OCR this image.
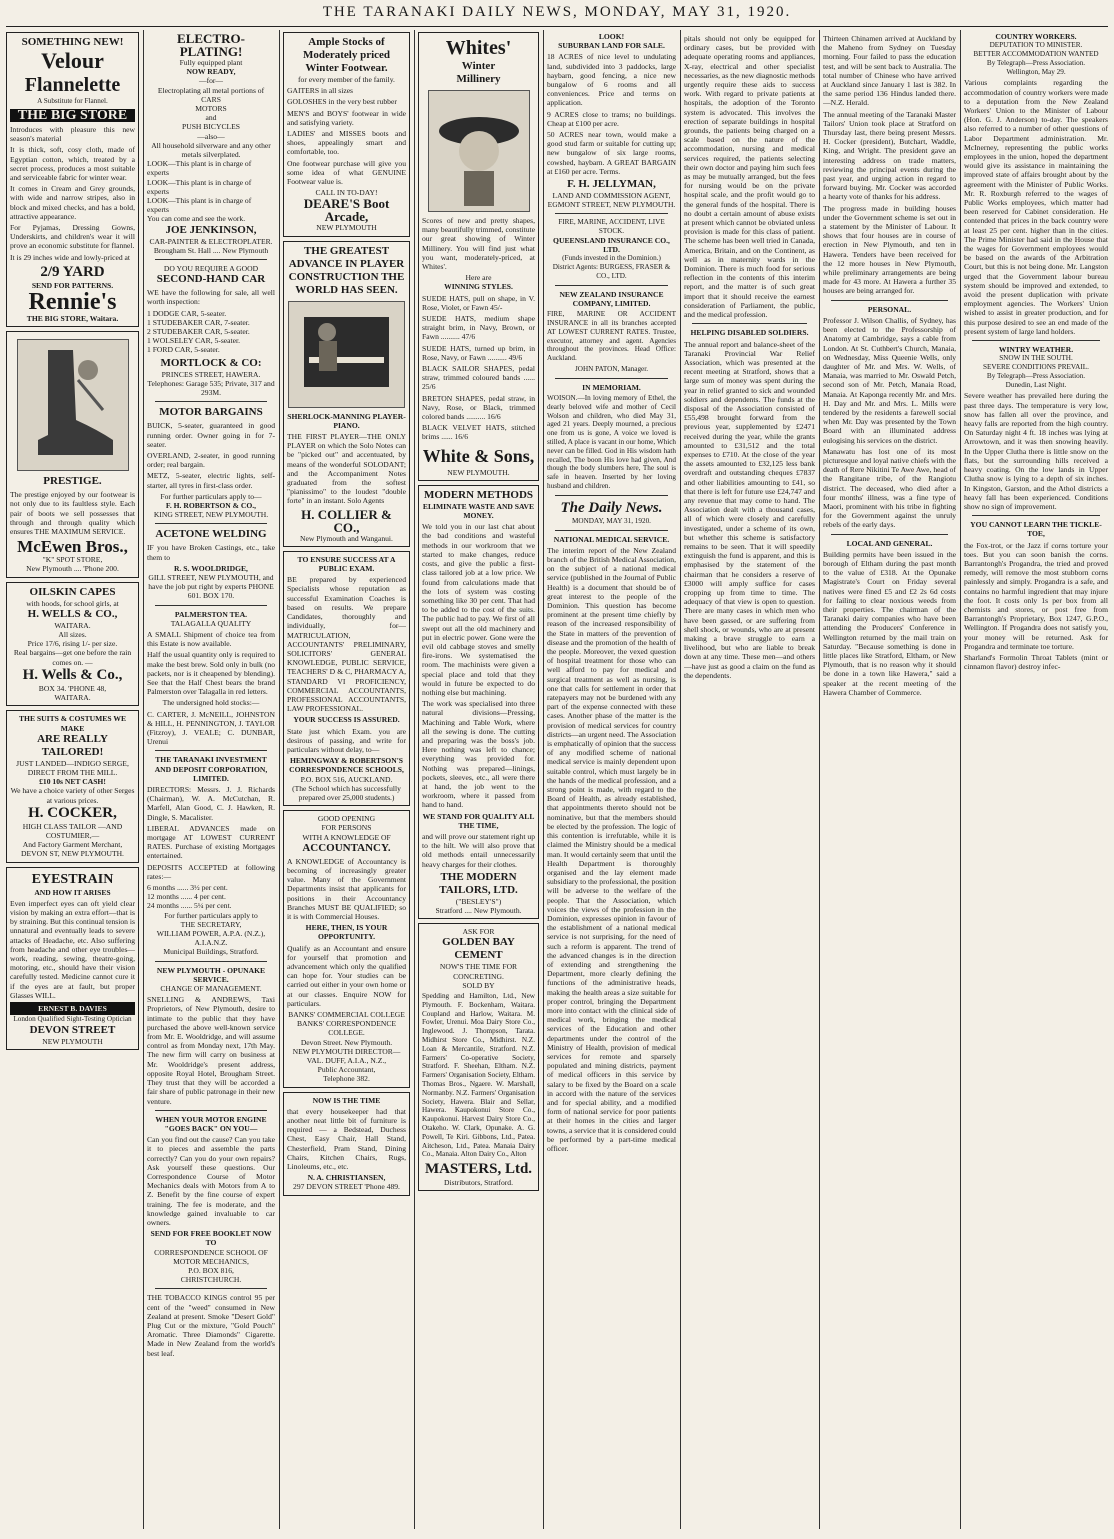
THE TARANAKI DAILY NEWS, MONDAY, MAY 31, 1920.
SOMETHING NEW!
Velour
Flannelette
A Substitute for Flannel.
THE BIG STORE
Introduces with pleasure this new season's material
It is thick, soft, cosy cloth, made of Egyptian cotton, which, treated by a secret process, produces a most suitable and serviceable fabric for winter wear.
It comes in Cream and Grey grounds, with wide and narrow stripes, also in block and mixed checks, and has a bold, attractive appearance.
For Pyjamas, Dressing Gowns, Underskirts, and children's wear it will prove an economic substitute for flannel.
It is 29 inches wide and lowly-priced at
2/9 YARD
SEND FOR PATTERNS.
Rennie's
THE BIG STORE, Waitara.
PRESTIGE.
The prestige enjoyed by our footwear is not only due to its faultless style. Each pair of boots we sell possesses that through and through quality which ensures THE MAXIMUM SERVICE.
McEwen Bros.,
"K" SPOT STORE,
New Plymouth .... 'Phone 200.
OILSKIN CAPES
with hoods, for school girls, at
H. WELLS & CO.,
WAITARA.
All sizes.
Price 17/6, rising 1/- per size.
Real bargains—get one before the rain comes on. —
H. Wells & Co.,
BOX 34. 'PHONE 48,
WAITARA.
THE SUITS & COSTUMES WE MAKE
ARE REALLY TAILORED!
JUST LANDED—INDIGO SERGE, DIRECT FROM THE MILL.
£10 10s NET CASH!
We have a choice variety of other Serges at various prices.
H. COCKER,
HIGH CLASS TAILOR —AND COSTUMIER,—
And Factory Garment Merchant, DEVON ST, NEW PLYMOUTH.
EYESTRAIN
AND HOW IT ARISES
Even imperfect eyes can oft yield clear vision by making an extra effort—that is by straining. But this continual tension is unnatural and eventually leads to severe attacks of Headache, etc. Also suffering from headache and other eye troubles—work, reading, sewing, theatre-going, motoring, etc., should have their vision carefully tested. Medicine cannot cure it if the eyes are at fault, but proper Glasses WILL.
ERNEST B. DAVIES
London Qualified Sight-Testing Optician
DEVON STREET
NEW PLYMOUTH
ELECTRO-PLATING!
Fully equipped plant
NOW READY,
—for—
Electroplating all metal portions of
CARS
MOTORS
and
PUSH BICYCLES
—also—
All household silverware and any other metals silverplated.
LOOK—This plant is in charge of experts
LOOK—This plant is in charge of experts
LOOK—This plant is in charge of experts
You can come and see the work.
JOE JENKINSON,
CAR-PAINTER & ELECTROPLATER.
Brougham St. Hall .... New Plymouth
DO YOU REQUIRE A GOOD
SECOND-HAND CAR
WE have the following for sale, all well worth inspection:
1 DODGE CAR, 5-seater.
1 STUDEBAKER CAR, 7-seater.
2 STUDEBAKER CAR, 5-seater.
1 WOLSELEY CAR, 5-seater.
1 FORD CAR, 5-seater.
MORTLOCK & CO:
PRINCES STREET, HAWERA.
Telephones: Garage 535; Private, 317 and 293M.
MOTOR BARGAINS
BUICK, 5-seater, guaranteed in good running order. Owner going in for 7-seater.
OVERLAND, 2-seater, in good running order; real bargain.
METZ, 5-seater, electric lights, self-starter, all tyres in first-class order.
For further particulars apply to—
F. H. ROBERTSON & CO.,
KING STREET, NEW PLYMOUTH.
ACETONE WELDING
IF you have Broken Castings, etc., take them to
R. S. WOOLDRIDGE,
GILL STREET, NEW PLYMOUTH, and have the job put right by experts PHONE 601. BOX 170.
PALMERSTON TEA.
TALAGALLA QUALITY
A SMALL Shipment of choice tea from this Estate is now available.
Half the usual quantity only is required to make the best brew. Sold only in bulk (no packets, nor is it cheapened by blending). See that the Half Chest bears the brand Palmerston over Talagalla in red letters.
The undersigned hold stocks:—
C. CARTER, J. McNEILL, JOHNSTON & HILL, H. PENNINGTON, J. TAYLOR (Fitzroy), J. VEALE; C. DUNBAR, Urenui
THE TARANAKI INVESTMENT AND DEPOSIT CORPORATION, LIMITED.
DIRECTORS: Messrs. J. J. Richards (Chairman), W. A. McCutchan, R. Marfell, Alan Good, C. J. Hawken, R. Dingle, S. Macalister.
LIBERAL ADVANCES made on mortgage AT LOWEST CURRENT RATES. Purchase of existing Mortgages entertained.
DEPOSITS ACCEPTED at following rates:—
6 months ...... 3½ per cent.
12 months ...... 4 per cent.
24 months ...... 5¼ per cent.
For further particulars apply to
THE SECRETARY,
WILLIAM POWER, A.P.A. (N.Z.), A.I.A.N.Z.
Municipal Buildings, Stratford.
NEW PLYMOUTH - OPUNAKE SERVICE.
CHANGE OF MANAGEMENT.
SNELLING & ANDREWS, Taxi Proprietors, of New Plymouth, desire to intimate to the public that they have purchased the above well-known service from Mr. E. Wooldridge, and will assume control as from Monday next, 17th May. The new firm will carry on business at Mr. Wooldridge's present address, opposite Royal Hotel, Brougham Street. They trust that they will be accorded a fair share of public patronage in their new venture.
WHEN YOUR MOTOR ENGINE "GOES BACK" ON YOU—
Can you find out the cause? Can you take it to pieces and assemble the parts correctly? Can you do your own repairs? Ask yourself these questions. Our Correspondence Course of Motor Mechanics deals with Motors from A to Z. Benefit by the fine course of expert training. The fee is moderate, and the knowledge gained invaluable to car owners.
SEND FOR FREE BOOKLET NOW TO
CORRESPONDENCE SCHOOL OF MOTOR MECHANICS,
P.O. BOX 816,
CHRISTCHURCH.
THE TOBACCO KINGS control 95 per cent of the "weed" consumed in New Zealand at present. Smoke "Desert Gold" Plug Cut or the mixture, "Gold Pouch" Aromatic. Three Diamonds" Cigarette. Made in New Zealand from the world's best leaf.
Ample Stocks of Moderately priced Winter Footwear.
for every member of the family.
GAITERS in all sizes
GOLOSHES in the very best rubber
MEN'S and BOYS' footwear in wide and satisfying variety.
LADIES' and MISSES boots and shoes, appealingly smart and comfortable, too.
One footwear purchase will give you some idea of what GENUINE Footwear value is.
CALL IN TO-DAY!
DEARE'S Boot Arcade,
NEW PLYMOUTH
THE GREATEST ADVANCE IN PLAYER CONSTRUCTION THE WORLD HAS SEEN.
SHERLOCK-MANNING PLAYER-PIANO.
THE FIRST PLAYER—THE ONLY PLAYER on which the Solo Notes can be "picked out" and accentuated, by means of the wonderful SOLODANT; and the Accompaniment Notes graduated from the softest "pianissimo" to the loudest "double forte" in an instant. Solo Agents
H. COLLIER & CO.,
New Plymouth and Wanganui.
TO ENSURE SUCCESS AT A PUBLIC EXAM.
BE prepared by experienced Specialists whose reputation as successful Examination Coaches is based on results. We prepare Candidates, thoroughly and individually, for—MATRICULATION, ACCOUNTANTS' PRELIMINARY, SOLICITORS' GENERAL KNOWLEDGE, PUBLIC SERVICE, TEACHERS' D & C, PHARMACY A, STANDARD VI PROFICIENCY, COMMERCIAL ACCOUNTANTS, PROFESSIONAL ACCOUNTANTS, LAW PROFESSIONAL.
YOUR SUCCESS IS ASSURED.
State just which Exam. you are desirous of passing, and write for particulars without delay, to—
HEMINGWAY & ROBERTSON'S CORRESPONDENCE SCHOOLS,
P.O. BOX 516, AUCKLAND.
(The School which has successfully prepared over 25,000 students.)
GOOD OPENING
FOR PERSONS
WITH A KNOWLEDGE OF
ACCOUNTANCY.
A KNOWLEDGE of Accountancy is becoming of increasingly greater value. Many of the Government Departments insist that applicants for positions in their Accountancy Branches MUST BE QUALIFIED; so it is with Commercial Houses.
HERE, THEN, IS YOUR OPPORTUNITY.
Qualify as an Accountant and ensure for yourself that promotion and advancement which only the qualified can hope for. Your studies can be carried out either in your own home or at our classes. Enquire NOW for particulars.
BANKS' COMMERCIAL COLLEGE BANKS' CORRESPONDENCE COLLEGE.
Devon Street. New Plymouth.
NEW PLYMOUTH DIRECTOR—
VAL. DUFF, A.I.A., N.Z.,
Public Accountant,
Telephone 382.
NOW IS THE TIME
that every housekeeper had that another neat little bit of furniture is required — a Bedstead, Duchess Chest, Easy Chair, Hall Stand, Chesterfield, Pram Stand, Dining Chairs, Kitchen Chairs, Rugs, Linoleums, etc., etc.
N. A. CHRISTIANSEN,
297 DEVON STREET 'Phone 489.
Whites'
Winter
Millinery
Scores of new and pretty shapes, many beautifully trimmed, constitute our great showing of Winter Millinery. You will find just what you want, moderately-priced, at Whites'.
Here are
WINNING STYLES.
SUEDE HATS, pull on shape, in V. Rose, Violet, or Fawn 45/-
SUEDE HATS, medium shape straight brim, in Navy, Brown, or Fawn .......... 47/6
SUEDE HATS, turned up brim, in Rose, Navy, or Fawn .......... 49/6
BLACK SAILOR SHAPES, pedal straw, trimmed coloured bands ...... 25/6
BRETON SHAPES, pedal straw, in Navy, Rose, or Black, trimmed colored bands .......... 16/6
BLACK VELVET HATS, stitched brims ...... 16/6
White & Sons,
NEW PLYMOUTH.
MODERN METHODS
ELIMINATE WASTE AND SAVE MONEY.
We told you in our last chat about the bad conditions and wasteful methods in our workroom that we started to make changes, reduce costs, and give the public a first-class tailored job at a low price. We found from calculations made that the lots of system was costing something like 30 per cent. That had to be added to the cost of the suits. The public had to pay. We first of all swept out all the old machinery and put in electric power. Gone were the evil old cabbage stoves and smelly fire-irons. We systematised the room. The machinists were given a special place and told that they would in future be expected to do nothing else but machining.
The work was specialised into three natural divisions—Pressing, Machining and Table Work, where all the sewing is done. The cutting and preparing was the boss's job. Here nothing was left to chance; everything was provided for. Nothing was prepared—linings, pockets, sleeves, etc., all were there at hand, the job went to the workroom, where it passed from hand to hand.
WE STAND FOR QUALITY ALL THE TIME,
and will prove our statement right up to the hilt. We will also prove that old methods entail unnecessarily heavy charges for their clothes.
THE MODERN TAILORS, LTD.
("BESLEY'S")
Stratford .... New Plymouth.
ASK FOR
GOLDEN BAY CEMENT
NOW'S THE TIME FOR CONCRETING.
SOLD BY
Spedding and Hamilton, Ltd., New Plymouth. F. Bockenham, Waitara. Coupland and Harlow, Waitara. M. Fowler, Urenui. Moa Dairy Store Co., Inglewood. J. Thompson, Tarata. Midhirst Store Co., Midhirst. N.Z. Loan & Mercantile, Stratford. N.Z. Farmers' Co-operative Society, Stratford. F. Sheehan, Eltham. N.Z. Farmers' Organisation Society, Eltham. Thomas Bros., Ngaere. W. Marshall, Normanby. N.Z. Farmers' Organisation Society, Hawera. Blair and Sellar, Hawera. Kaupokonui Store Co., Kaupokonui. Harvest Dairy Store Co., Otakeho. W. Clark, Opunake. A. G. Powell, Te Kiri. Gibbons, Ltd., Patea. Aitcheson, Ltd., Patea. Manaia Dairy Co., Manaia. Alton Dairy Co., Alton
MASTERS, Ltd.
Distributors, Stratford.
LOOK!
SUBURBAN LAND FOR SALE.
18 ACRES of nice level to undulating land, subdivided into 3 paddocks, large haybarn, good fencing, a nice new bungalow of 6 rooms and all conveniences. Price and terms on application.
9 ACRES close to trams; no buildings. Cheap at £100 per acre.
50 ACRES near town, would make a good stud farm or suitable for cutting up; new bungalow of six large rooms, cowshed, haybarn. A GREAT BARGAIN at £160 per acre. Terms.
F. H. JELLYMAN,
LAND AND COMMISSION AGENT,
EGMONT STREET, NEW PLYMOUTH.
FIRE, MARINE, ACCIDENT, LIVE STOCK.
QUEENSLAND INSURANCE CO., LTD.
(Funds invested in the Dominion.)
District Agents: BURGESS, FRASER & CO., LTD.
NEW ZEALAND INSURANCE COMPANY, LIMITED.
FIRE, MARINE OR ACCIDENT INSURANCE in all its branches accepted AT LOWEST CURRENT RATES. Trustee, executor, attorney and agent. Agencies throughout the provinces. Head Office: Auckland.
JOHN PATON, Manager.
IN MEMORIAM.
WOISON.—In loving memory of Ethel, the dearly beloved wife and mother of Cecil Wolson and children, who died May 31, aged 21 years. Deeply mourned, a precious one from us is gone, A voice we loved is stilled, A place is vacant in our home, Which never can be filled. God in His wisdom hath recalled, The boon His love had given, And though the body slumbers here, The soul is safe in heaven. Inserted by her loving husband and children.
The Daily News.
MONDAY, MAY 31, 1920.
NATIONAL MEDICAL SERVICE.
The interim report of the New Zealand branch of the British Medical Association, on the subject of a national medical service (published in the Journal of Public Health) is a document that should be of great interest to the people of the Dominion. This question has become prominent at the present time chiefly by reason of the increased responsibility of the State in matters of the prevention of disease and the promotion of the health of the people. Moreover, the vexed question of hospital treatment for those who can well afford to pay for medical and surgical treatment as well as nursing, is one that calls for settlement in order that ratepayers may not be burdened with any part of the expense connected with these cases. Another phase of the matter is the provision of medical services for country districts—an urgent need. The Association is emphatically of opinion that the success of any modified scheme of national medical service is mainly dependent upon suitable control, which must largely be in the hands of the medical profession, and a strong point is made, with regard to the Board of Health, as already established, that appointments thereto should not be nominative, but that the members should be elected by the profession. The logic of this contention is irrefutable, while it is claimed the Ministry should be a medical man. It would certainly seem that until the Health Department is thoroughly organised and the lay element made subsidiary to the professional, the position will be adverse to the welfare of the people. That the Association, which voices the views of the profession in the Dominion, expresses opinion in favour of the establishment of a national medical service is not surprising, for the need of such a reform is apparent. The trend of the advanced changes is in the direction of extending and strengthening the Department, more clearly defining the functions of the administrative heads, making the health areas a size suitable for proper control, bringing the Department more into contact with the clinical side of medical work, bringing the medical services of the Education and other departments under the control of the Ministry of Health, provision of medical services for remote and sparsely populated and mining districts, payment of medical officers in this service by salary to be fixed by the Board on a scale in accord with the nature of the services and for special ability, and a modified form of national service for poor patients at their homes in the cities and larger towns, a service that it is considered could be performed by a part-time medical officer.
pitals should not only be equipped for ordinary cases, but be provided with adequate operating rooms and appliances, X-ray, electrical and other specialist necessaries, as the new diagnostic methods urgently require these aids to success work. With regard to private patients at hospitals, the adoption of the Toronto system is advocated. This involves the erection of separate buildings in hospital grounds, the patients being charged on a scale based on the nature of the accommodation, nursing and medical services required, the patients selecting their own doctor and paying him such fees as may be mutually arranged, but the fees for nursing would be on the private hospital scale, and the profit would go to the general funds of the hospital. There is no doubt a certain amount of abuse exists at present which cannot be obviated unless provision is made for this class of patient. The scheme has been well tried in Canada, America, Britain, and on the Continent, as well as in maternity wards in the Dominion. There is much food for serious reflection in the contents of this interim report, and the matter is of such great import that it should receive the earnest consideration of Parliament, the public, and the medical profession.
HELPING DISABLED SOLDIERS.
The annual report and balance-sheet of the Taranaki Provincial War Relief Association, which was presented at the recent meeting at Stratford, shows that a large sum of money was spent during the year in relief granted to sick and wounded soldiers and dependents. The funds at the disposal of the Association consisted of £55,498 brought forward from the previous year, supplemented by £2471 received during the year, while the grants amounted to £31,512 and the total expenses to £710. At the close of the year the assets amounted to £32,125 less bank overdraft and outstanding cheques £7837 and other liabilities amounting to £41, so that there is left for future use £24,747 and any revenue that may come to hand. The Association dealt with a thousand cases, all of which were closely and carefully investigated, under a scheme of its own, but whether this scheme is satisfactory remains to be seen. That it will speedily extinguish the fund is apparent, and this is emphasised by the statement of the chairman that he considers a reserve of £3000 will amply suffice for cases cropping up from time to time. The adequacy of that view is open to question. There are many cases in which men who have been gassed, or are suffering from shell shock, or wounds, who are at present making a brave struggle to earn a livelihood, but who are liable to break down at any time. These men—and others—have just as good a claim on the fund as the dependents.
Thirteen Chinamen arrived at Auckland by the Maheno from Sydney on Tuesday morning. Four failed to pass the education test, and will be sent back to Australia. The total number of Chinese who have arrived at Auckland since January 1 last is 382. In the same period 136 Hindus landed there.—N.Z. Herald.
The annual meeting of the Taranaki Master Tailors' Union took place at Stratford on Thursday last, there being present Messrs. H. Cocker (president), Butchart, Waddle, King, and Wright. The president gave an interesting address on trade matters, reviewing the principal events during the past year, and urging action in regard to forward buying. Mr. Cocker was accorded a hearty vote of thanks for his address.
The progress made in building houses under the Government scheme is set out in a statement by the Minister of Labour. It shows that four houses are in course of erection in New Plymouth, and ten in Hawera. Tenders have been received for the 12 more houses in New Plymouth, while preliminary arrangements are being made for 43 more. At Hawera a further 35 houses are being arranged for.
PERSONAL.
Professor J. Wilson Challis, of Sydney, has been elected to the Professorship of Anatomy at Cambridge, says a cable from London. At St. Cuthbert's Church, Manaia, on Wednesday, Miss Queenie Wells, only daughter of Mr. and Mrs. W. Wells, of Manaia, was married to Mr. Oswald Petch, second son of Mr. Petch, Manaia Road, Manaia. At Kaponga recently Mr. and Mrs. H. Day and Mr. and Mrs. L. Mills were tendered by the residents a farewell social when Mr. Day was presented by the Town Board with an illuminated address eulogising his services on the district.
Manawatu has lost one of its most picturesque and loyal native chiefs with the death of Rere Nikitini Te Awe Awe, head of the Rangitane tribe, of the Rangiotu district. The deceased, who died after a four months' illness, was a fine type of Maori, prominent with his tribe in fighting for the Government against the unruly rebels of the early days.
LOCAL AND GENERAL.
Building permits have been issued in the borough of Eltham during the past month to the value of £318. At the Opunake Magistrate's Court on Friday several natives were fined £5 and £2 2s 6d costs for failing to clear noxious weeds from their properties. The chairman of the Taranaki dairy companies who have been attending the Producers' Conference in Wellington returned by the mail train on Saturday. "Because something is done in little places like Stratford, Eltham, or New Plymouth, that is no reason why it should be done in a town like Hawera," said a speaker at the recent meeting of the Hawera Chamber of Commerce.
COUNTRY WORKERS.
DEPUTATION TO MINISTER.
BETTER ACCOMMODATION WANTED
By Telegraph—Press Association.
Wellington, May 29.
Various complaints regarding the accommodation of country workers were made to a deputation from the New Zealand Workers' Union to the Minister of Labour (Hon. G. J. Anderson) to-day. The speakers also referred to a number of other questions of Labor Department administration. Mr. McInerney, representing the public works employees in the union, hoped the department would give its assistance in maintaining the improved state of affairs brought about by the agreement with the Minister of Public Works. Mr. R. Roxburgh referred to the wages of Public Works employees, which matter had been reserved for Cabinet consideration. He contended that prices in the back country were at least 25 per cent. higher than in the cities. The Prime Minister had said in the House that the wages for Government employees would be based on the awards of the Arbitration Court, but this is not being done. Mr. Langston urged that the Government labour bureau system should be improved and extended, to avoid the present duplication with private employment agencies. The Workers' Union wished to assist in greater production, and for this purpose desired to see an end made of the present system of large land holders.
WINTRY WEATHER.
SNOW IN THE SOUTH.
SEVERE CONDITIONS PREVAIL.
By Telegraph—Press Association.
Dunedin, Last Night.
Severe weather has prevailed here during the past three days. The temperature is very low, snow has fallen all over the province, and heavy falls are reported from the high country. On Saturday night 4 ft. 18 inches was lying at Arrowtown, and it was then snowing heavily. In the Upper Clutha there is little snow on the flats, but the surrounding hills received a heavy coating. On the low lands in Upper Clutha snow is lying to a depth of six inches. In Kingston, Garston, and the Athol districts a heavy fall has been experienced. Conditions show no sign of improvement.
YOU CANNOT LEARN THE TICKLE-TOE,
the Fox-trot, or the Jazz if corns torture your toes. But you can soon banish the corns. Barrantongh's Progandra, the tried and proved remedy, will remove the most stubborn corns painlessly and simply. Progandra is a safe, and contains no harmful ingredient that may injure the foot. It costs only 1s per box from all chemists and stores, or post free from Barrantongh's Proprietary, Box 1247, G.P.O., Wellington. If Progandra does not satisfy you, your money will be returned. Ask for Progandra and terminate toe torture.
Sharland's Formolin Throat Tablets (mint or cinnamon flavor) destroy infec-
